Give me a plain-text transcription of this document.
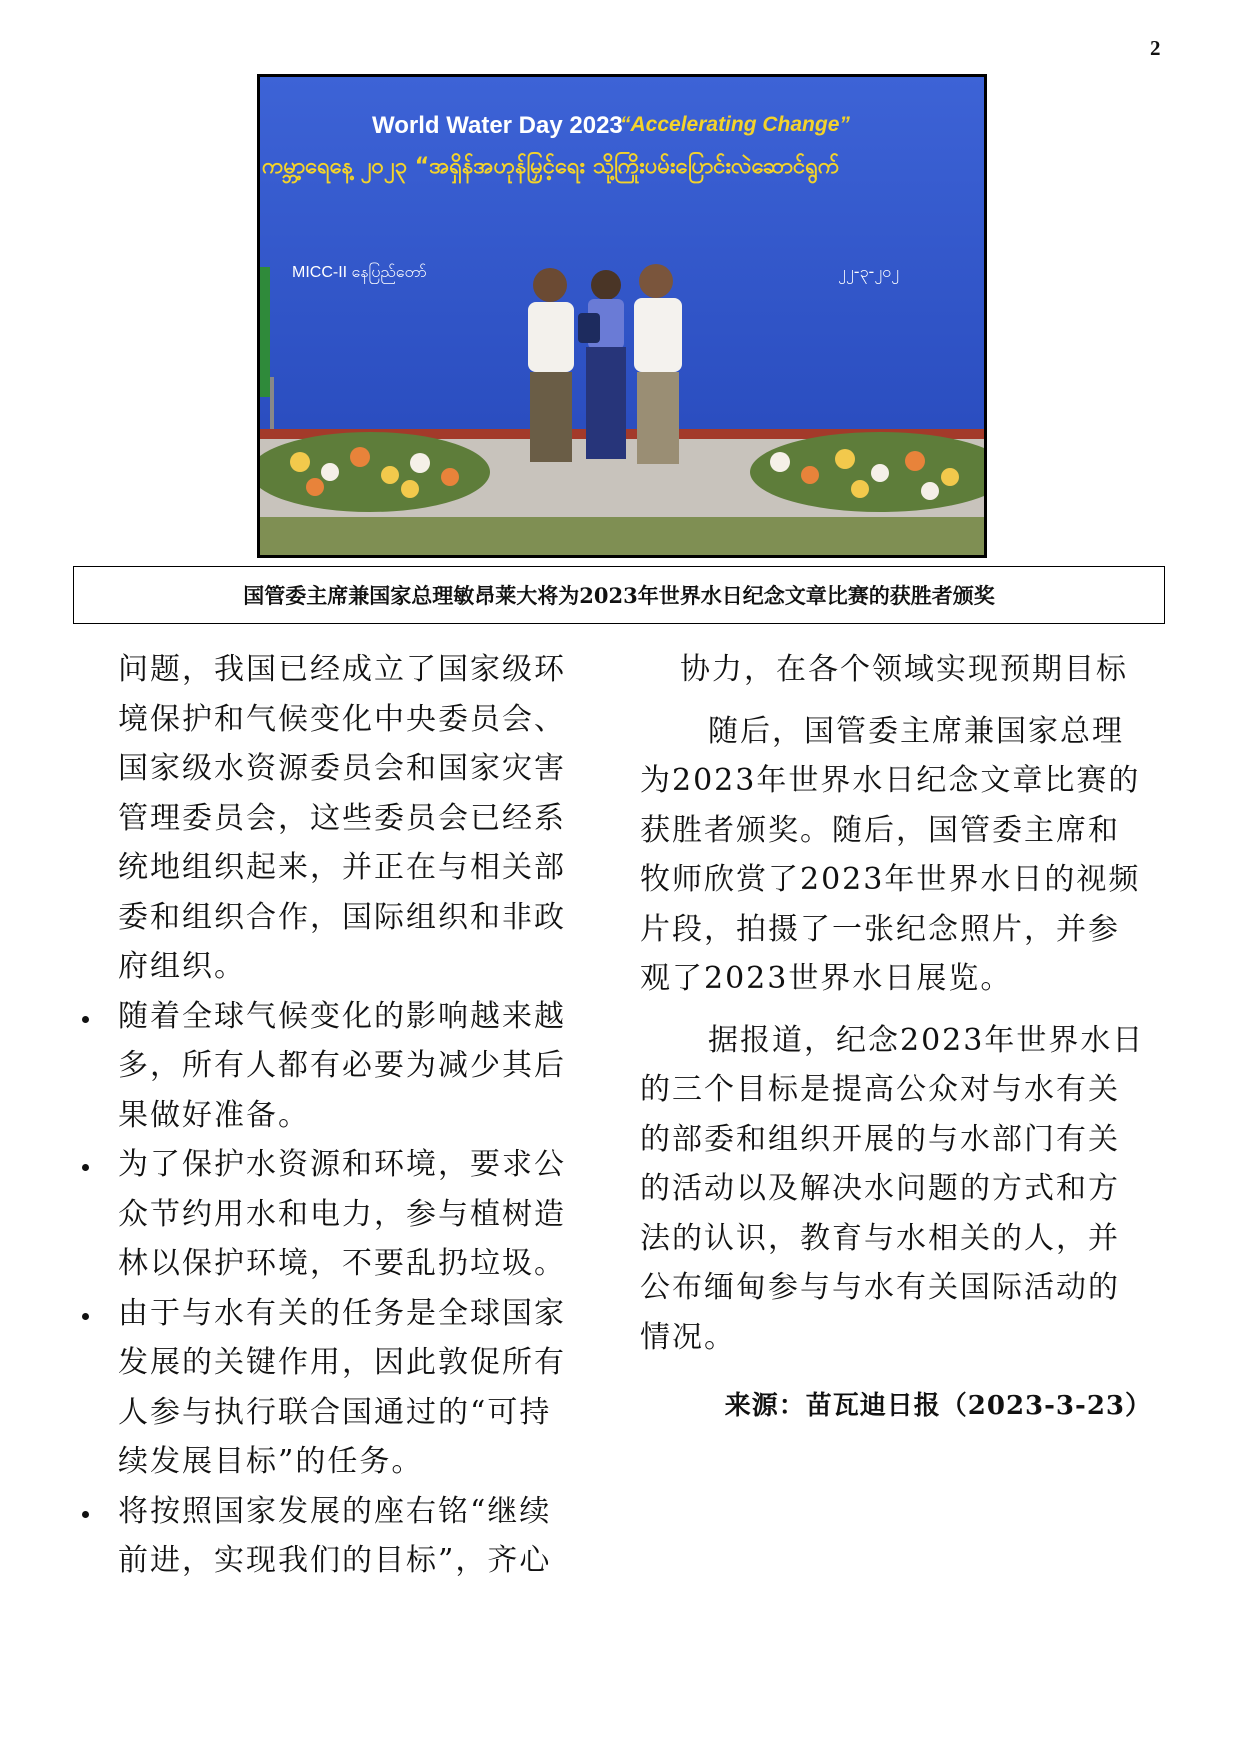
2
World Water Day 2023
“Accelerating Change”
ကမ္ဘာ့ရေနေ့ ၂၀၂၃ “အရှိန်အဟုန်မြှင့်ရေး သို့ကြိုးပမ်းပြောင်းလဲဆောင်ရွက်
MICC-II နေပြည်တော်	၂၂-၃-၂၀၂
国管委主席兼国家总理敏昂莱大将为2023年世界水日纪念文章比赛的获胜者颁奖
问题，我国已经成立了国家级环
境保护和气候变化中央委员会、
国家级水资源委员会和国家灾害
管理委员会，这些委员会已经系
统地组织起来，并正在与相关部
委和组织合作，国际组织和非政
府组织。
随着全球气候变化的影响越来越
多，所有人都有必要为减少其后
果做好准备。
为了保护水资源和环境，要求公
众节约用水和电力，参与植树造
林以保护环境，不要乱扔垃圾。
由于与水有关的任务是全球国家
发展的关键作用，因此敦促所有
人参与执行联合国通过的“可持
续发展目标”的任务。
将按照国家发展的座右铭“继续
前进，实现我们的目标”，齐心
协力，在各个领域实现预期目标
随后，国管委主席兼国家总理
为2023年世界水日纪念文章比赛的
获胜者颁奖。随后，国管委主席和
牧师欣赏了2023年世界水日的视频
片段，拍摄了一张纪念照片，并参
观了2023世界水日展览。
据报道，纪念2023年世界水日
的三个目标是提高公众对与水有关
的部委和组织开展的与水部门有关
的活动以及解决水问题的方式和方
法的认识，教育与水相关的人，并
公布缅甸参与与水有关国际活动的
情况。
来源：苗瓦迪日报（2023-3-23）
